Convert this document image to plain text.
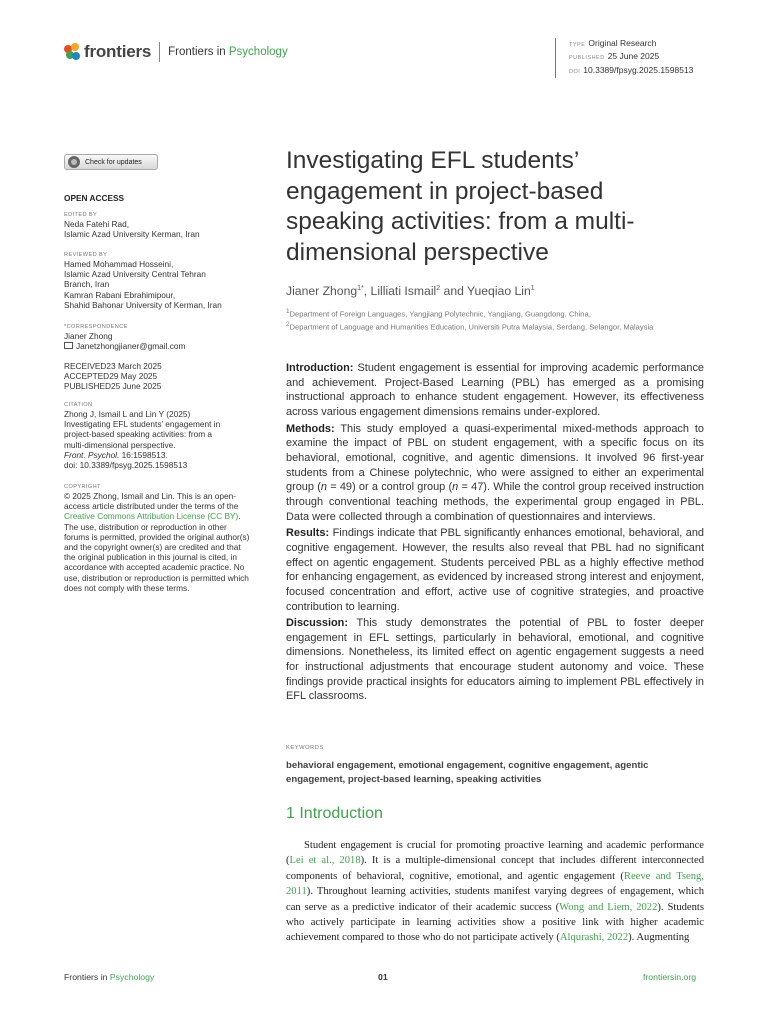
frontiers Frontiers in Psychology
TYPE Original Research
PUBLISHED 25 June 2025
DOI 10.3389/fpsyg.2025.1598513
Check for updates
OPEN ACCESS
EDITED BY
Neda Fatehi Rad,
Islamic Azad University Kerman, Iran
REVIEWED BY
Hamed Mohammad Hosseini,
Islamic Azad University Central Tehran
Branch, Iran
Kamran Rabani Ebrahimipour,
Shahid Bahonar University of Kerman, Iran
*CORRESPONDENCE
Jianer Zhong
Janetzhongjianer@gmail.com
RECEIVED23 March 2025
ACCEPTED29 May 2025
PUBLISHED25 June 2025
CITATION
Zhong J, Ismail L and Lin Y (2025)
Investigating EFL students’ engagement in
project-based speaking activities: from a
multi-dimensional perspective.
Front. Psychol. 16:1598513.
doi: 10.3389/fpsyg.2025.1598513
COPYRIGHT
© 2025 Zhong, Ismail and Lin. This is an open-access article distributed under the terms of the Creative Commons Attribution License (CC BY). The use, distribution or reproduction in other forums is permitted, provided the original author(s) and the copyright owner(s) are credited and that the original publication in this journal is cited, in accordance with accepted academic practice. No use, distribution or reproduction is permitted which does not comply with these terms.
Investigating EFL students’ engagement in project-based speaking activities: from a multi-dimensional perspective
Jianer Zhong$^{1*}$, Lilliati Ismail$^2$ and Yueqiao Lin$^1$
$^1$Department of Foreign Languages, Yangjiang Polytechnic, Yangjiang, Guangdong, China,
$^2$Department of Language and Humanities Education, Universiti Putra Malaysia, Serdang, Selangor, Malaysia

Introduction: Student engagement is essential for improving academic performance and achievement. Project-Based Learning (PBL) has emerged as a promising instructional approach to enhance student engagement. However, its effectiveness across various engagement dimensions remains under-explored.

Methods: This study employed a quasi-experimental mixed-methods approach to examine the impact of PBL on student engagement, with a specific focus on its behavioral, emotional, cognitive, and agentic dimensions. It involved 96 first-year students from a Chinese polytechnic, who were assigned to either an experimental group (n = 49) or a control group (n = 47). While the control group received instruction through conventional teaching methods, the experimental group engaged in PBL. Data were collected through a combination of questionnaires and interviews.

Results: Findings indicate that PBL significantly enhances emotional, behavioral, and cognitive engagement. However, the results also reveal that PBL had no significant effect on agentic engagement. Students perceived PBL as a highly effective method for enhancing engagement, as evidenced by increased strong interest and enjoyment, focused concentration and effort, active use of cognitive strategies, and proactive contribution to learning.

Discussion: This study demonstrates the potential of PBL to foster deeper engagement in EFL settings, particularly in behavioral, emotional, and cognitive dimensions. Nonetheless, its limited effect on agentic engagement suggests a need for instructional adjustments that encourage student autonomy and voice. These findings provide practical insights for educators aiming to implement PBL effectively in EFL classrooms.

KEYWORDS
behavioral engagement, emotional engagement, cognitive engagement, agentic engagement, project-based learning, speaking activities
1 Introduction
Student engagement is crucial for promoting proactive learning and academic performance (Lei et al., 2018). It is a multiple-dimensional concept that includes different interconnected components of behavioral, cognitive, emotional, and agentic engagement (Reeve and Tseng, 2011). Throughout learning activities, students manifest varying degrees of engagement, which can serve as a predictive indicator of their academic success (Wong and Liem, 2022). Students who actively participate in learning activities show a positive link with higher academic achievement compared to those who do not participate actively (Alqurashi, 2022). Augmenting
Frontiers in Psychology	01	frontiersin.org
